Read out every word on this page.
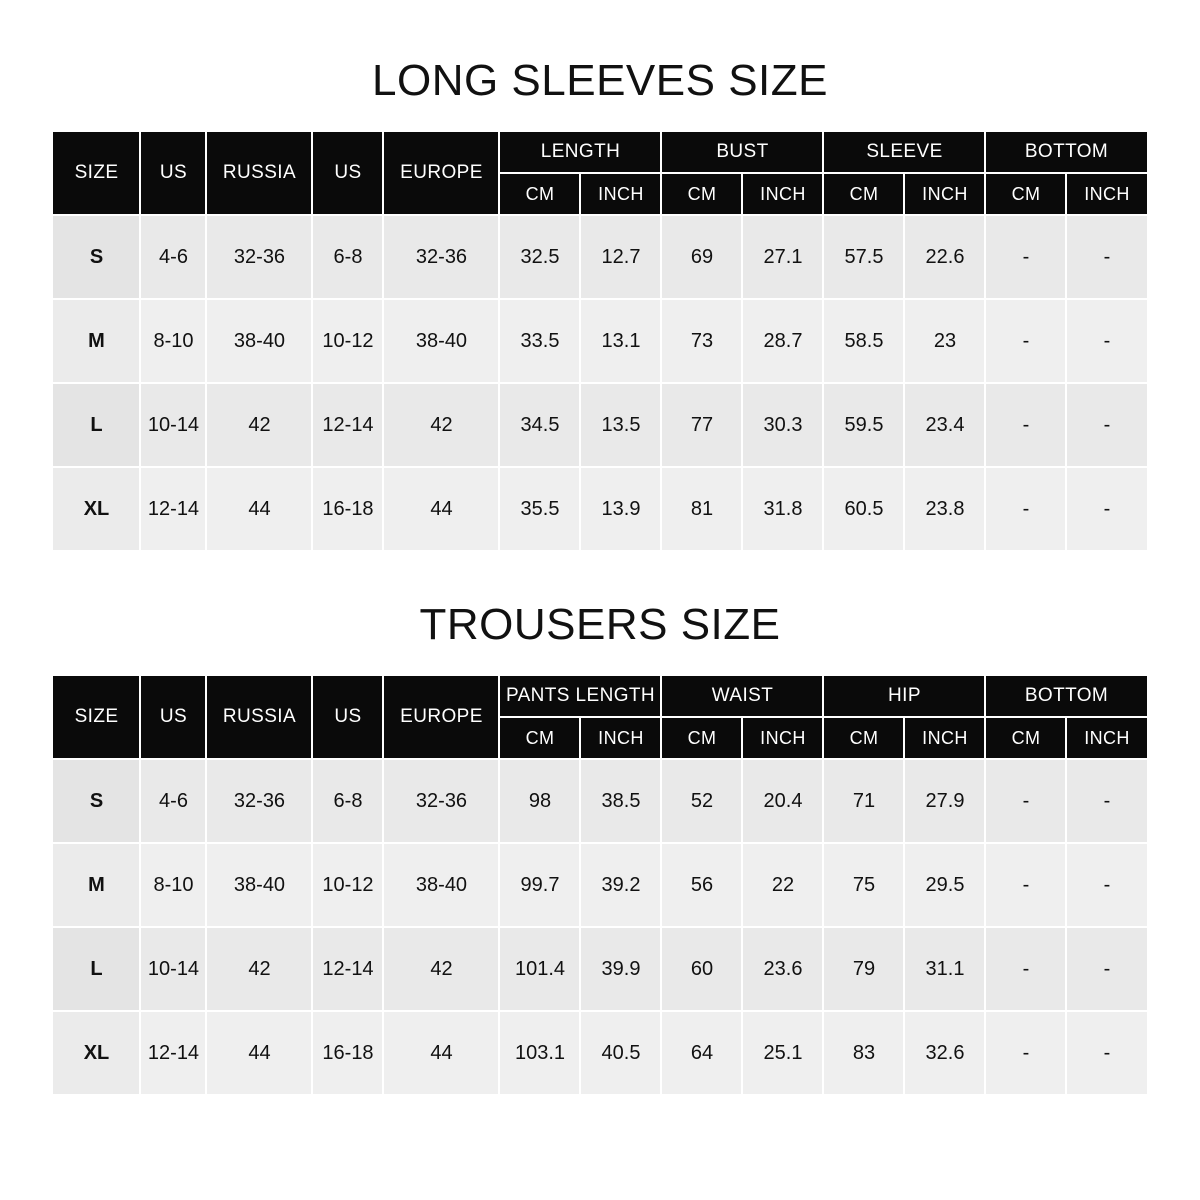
LONG SLEEVES SIZE
SIZE	US	RUSSIA	US	EUROPE	LENGTH		BUST		SLEEVE		BOTTOM	
					CM	INCH	CM	INCH	CM	INCH	CM	INCH
S	4-6	32-36	6-8	32-36	32.5	12.7	69	27.1	57.5	22.6	-	-
M	8-10	38-40	10-12	38-40	33.5	13.1	73	28.7	58.5	23	-	-
L	10-14	42	12-14	42	34.5	13.5	77	30.3	59.5	23.4	-	-
XL	12-14	44	16-18	44	35.5	13.9	81	31.8	60.5	23.8	-	-
TROUSERS SIZE
SIZE	US	RUSSIA	US	EUROPE	PANTS LENGTH		WAIST		HIP		BOTTOM	
					CM	INCH	CM	INCH	CM	INCH	CM	INCH
S	4-6	32-36	6-8	32-36	98	38.5	52	20.4	71	27.9	-	-
M	8-10	38-40	10-12	38-40	99.7	39.2	56	22	75	29.5	-	-
L	10-14	42	12-14	42	101.4	39.9	60	23.6	79	31.1	-	-
XL	12-14	44	16-18	44	103.1	40.5	64	25.1	83	32.6	-	-
